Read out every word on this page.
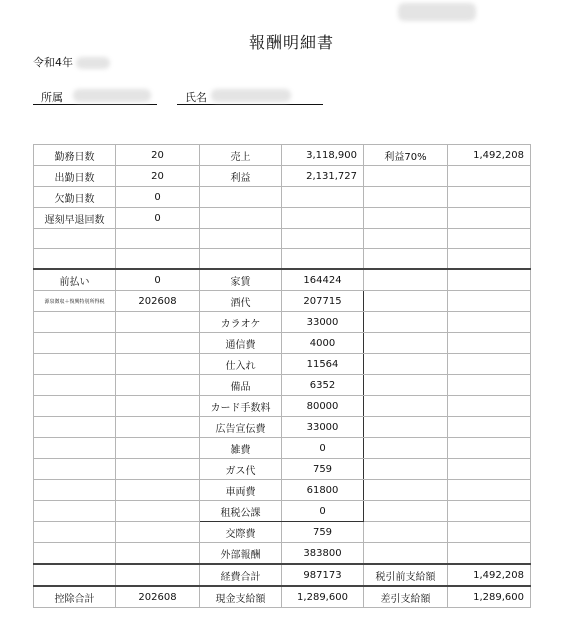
報酬明細書
令和4年
所属	氏名
勤務日数	20	売上	3,118,900	利益70%	1,492,208
出勤日数	20	利益	2,131,727		
欠勤日数	0				
遅刻早退回数	0				

前払い	0	家賃	164424		
源泉徴収＋復興特別所得税	202608	酒代	207715		
		カラオケ	33000		
		通信費	4000		
		仕入れ	11564		
		備品	6352		
		カード手数料	80000		
		広告宣伝費	33000		
		雑費	0		
		ガス代	759		
		車両費	61800		
		租税公課	0		
		交際費	759		
		外部報酬	383800		
		経費合計	987173	税引前支給額	1,492,208
控除合計	202608	現金支給額	1,289,600	差引支給額	1,289,600
